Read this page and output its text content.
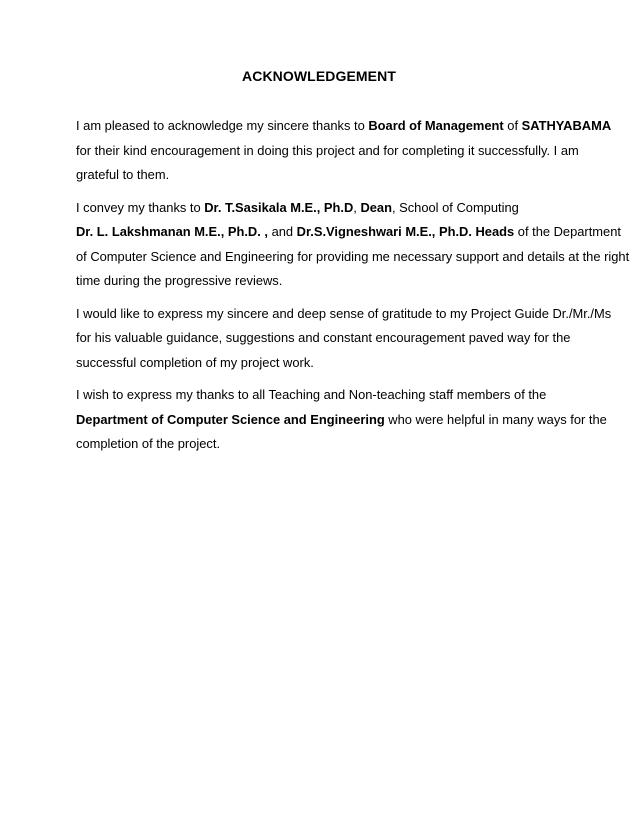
ACKNOWLEDGEMENT
I am pleased to acknowledge my sincere thanks to Board of Management of SATHYABAMA
for their kind encouragement in doing this project and for completing it successfully. I am
grateful to them.
I convey my thanks to Dr. T.Sasikala M.E., Ph.D, Dean, School of Computing
Dr. L. Lakshmanan M.E., Ph.D. , and Dr.S.Vigneshwari M.E., Ph.D. Heads of the Department
of Computer Science and Engineering for providing me necessary support and details at the right
time during the progressive reviews.
I would like to express my sincere and deep sense of gratitude to my Project Guide Dr./Mr./Ms
for his valuable guidance, suggestions and constant encouragement paved way for the
successful completion of my project work.
I wish to express my thanks to all Teaching and Non-teaching staff members of the
Department of Computer Science and Engineering who were helpful in many ways for the
completion of the project.
